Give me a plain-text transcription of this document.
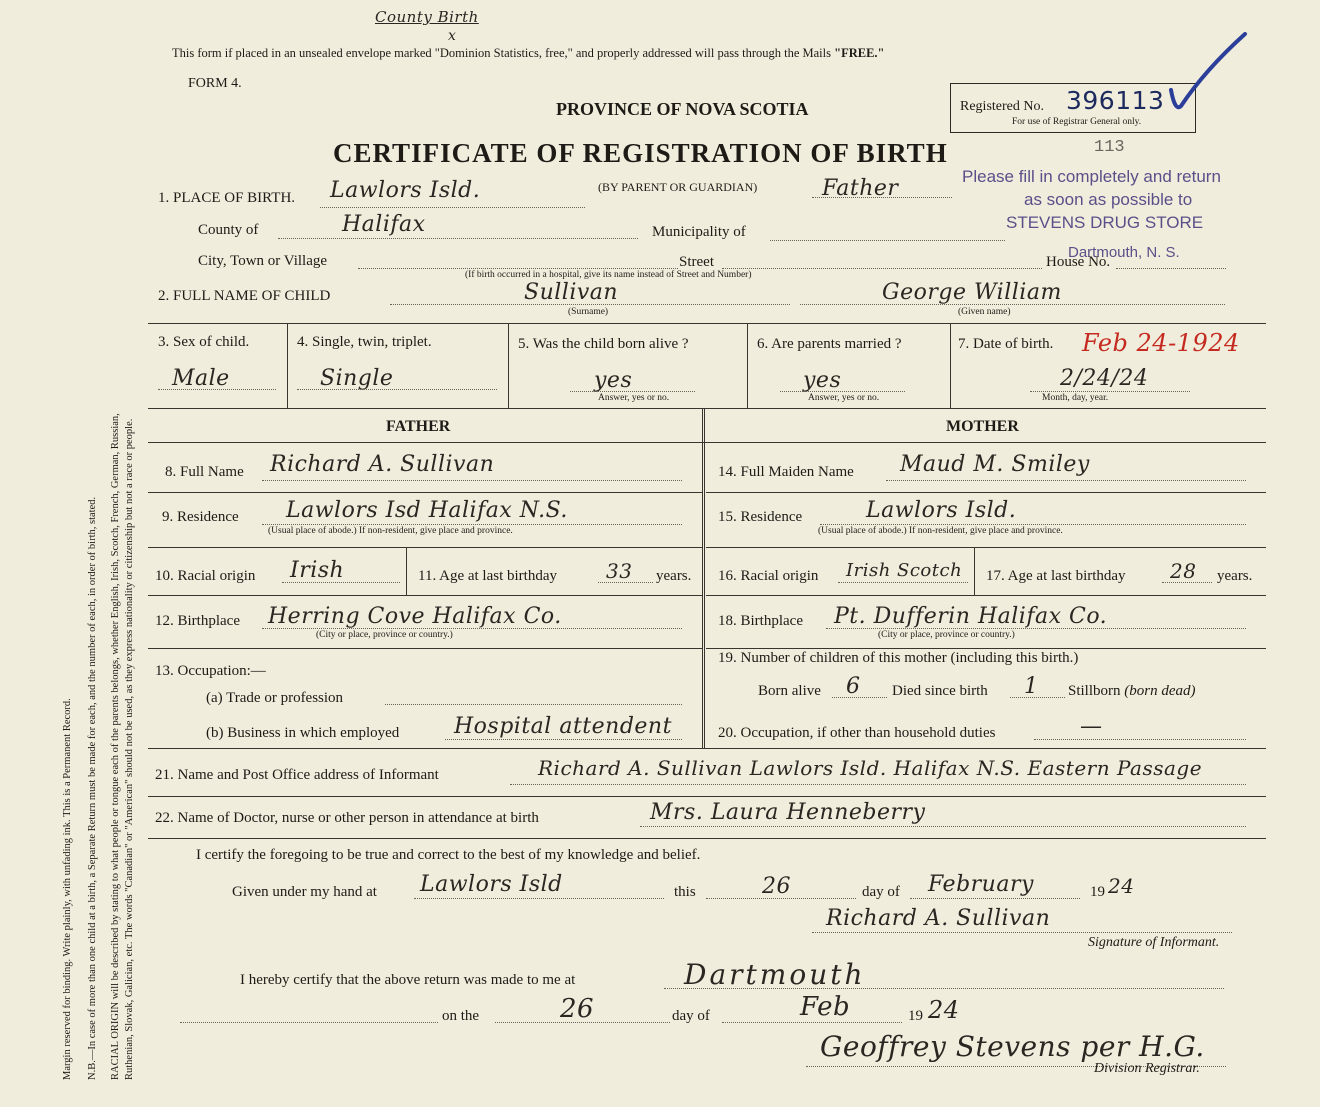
Margin reserved for binding. Write plainly, with unfading ink. This is a Permanent Record. N.B.—In case of more than one child at a birth, a Separate Return must be made for each, and the number of each, in order of birth, stated. RACIAL ORIGIN will be described by stating to what people or tongue each of the parents belongs, whether English, Irish, Scotch, French, German, Russian, Ruthenian, Slovak, Galician, etc. The words "Canadian" or "American" should not be used, as they express nationality or citizenship but not a race or people.
County Birth
x
This form if placed in an unsealed envelope marked "Dominion Statistics, free," and properly addressed will pass through the Mails "FREE."
FORM 4.
PROVINCE OF NOVA SCOTIA
CERTIFICATE OF REGISTRATION OF BIRTH	113
Registered No. 396113
For use of Registrar General only.
Please fill in completely and return
as soon as possible to
STEVENS DRUG STORE
Dartmouth, N. S.
1. PLACE OF BIRTH. Lawlors Isld.	(BY PARENT OR GUARDIAN)	Father
County of	Halifax	Municipality of
City, Town or Village	Street	House No.
(If birth occurred in a hospital, give its name instead of Street and Number)
2. FULL NAME OF CHILD	Sullivan
(Surname)
George William
(Given name)
3. Sex of child.
Male
4. Single, twin, triplet.
Single
5. Was the child born alive ?
yes
Answer, yes or no.
6. Are parents married ?
yes
Answer, yes or no.
7. Date of birth. Feb 24-1924
2/24/24
Month, day, year.
FATHER	MOTHER
8. Full Name Richard A. Sullivan
9. Residence Lawlors Isd Halifax N.S.
(Usual place of abode.) If non-resident, give place and province.
10. Racial origin Irish	11. Age at last birthday 33 years.
12. Birthplace Herring Cove Halifax Co.
(City or place, province or country.)
13. Occupation:—
(a) Trade or profession
(b) Business in which employed Hospital attendent
14. Full Maiden Name Maud M. Smiley
15. Residence	Lawlors Isld.
(Usual place of abode.) If non-resident, give place and province.
16. Racial origin Irish Scotch 17. Age at last birthday 28 years.
18. Birthplace Pt. Dufferin Halifax Co.
(City or place, province or country.)
19. Number of children of this mother (including this birth.)
Born alive 6 Died since birth 1 Stillborn (born dead)
20. Occupation, if other than household duties	—
21. Name and Post Office address of Informant	Richard A. Sullivan Lawlors Isld. Halifax N.S. Eastern Passage
22. Name of Doctor, nurse or other person in attendance at birth	Mrs. Laura Henneberry
I certify the foregoing to be true and correct to the best of my knowledge and belief.
Given under my hand at Lawlors Isld	this	26	day of February	19 24
Richard A. Sullivan
Signature of Informant.
I hereby certify that the above return was made to me at	Dartmouth
on the	26	day of	Feb	19 24
Geoffrey Stevens per H.G.
Division Registrar.
